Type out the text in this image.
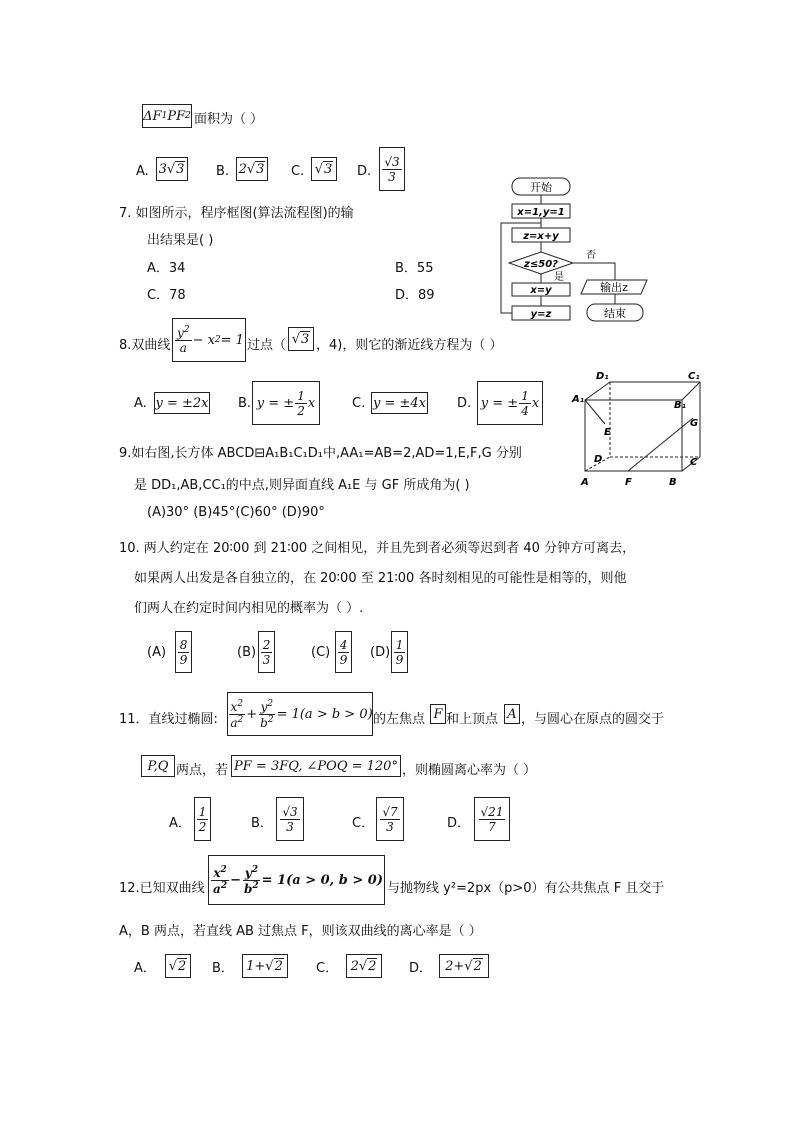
ΔF 1 PF 2 面积为（ ）
A. 3 √3 B. 2 √3 C. √3 D. $\frac{√3}{3}$
7. 如图所示，程序框图(算法流程图)的输
出结果是( )
A．34	B．55
C．78	D．89
开始
x=1,y=1
z=x+y
z≤50?
是
否
x=y
y=z
输出z
结束
8.双曲线 $\frac{y^2}{a} - x$ 2 = 1 过点（ √3 ，4)，则它的渐近线方程为（ ）
A. y = ±2x B. y = ± $\frac{1}{2}$ x	C. y = ±4x D. y = ± $\frac{1}{4}$ x
D₁	C₁
A₁
B₁
G
E
D	C
A	F	B
9.如右图,长方体 ABCD⊟A₁B₁C₁D₁中,AA₁=AB=2,AD=1,E,F,G 分别
是 DD₁,AB,CC₁的中点,则异面直线 A₁E 与 GF 所成角为( )
(A)30° (B)45°(C)60° (D)90°
10. 两人约定在 20∶00 到 21∶00 之间相见，并且先到者必须等迟到者 40 分钟方可离去，
如果两人出发是各自独立的，在 20∶00 至 21∶00 各时刻相见的可能性是相等的，则他
们两人在约定时间内相见的概率为（ ）.
$(A) \frac{8}{9}$	$(B) \frac{2}{3}$	$(C) \frac{4}{9} (D) \frac{1}{9}$
11．直线过椭圆: $\frac{x^2}{a^2} + \frac{y^2}{b^2} = 1(a > b > 0)$ 的左焦点 F 和上顶点 A ，与圆心在原点的圆交于
P,Q 两点，若 PF = 3FQ, ∠POQ = 120° ，则椭圆离心率为（ ）
A． $\frac{1}{2}$	B． $\frac{√3}{3}$	C． $\frac{√7}{3}$	D． $\frac{√21}{7}$
12.已知双曲线 $\frac{x^2}{a^2} - \frac{y^2}{b^2} = 1(a > 0$, b > 0)
与抛物线 y²=2px（p>0）有公共焦点 F 且交于
A，B 两点，若直线 AB 过焦点 F，则该双曲线的离心率是（ ）
A． √2 B． 1+ √2	C． 2 √2	D．	2+ √2
